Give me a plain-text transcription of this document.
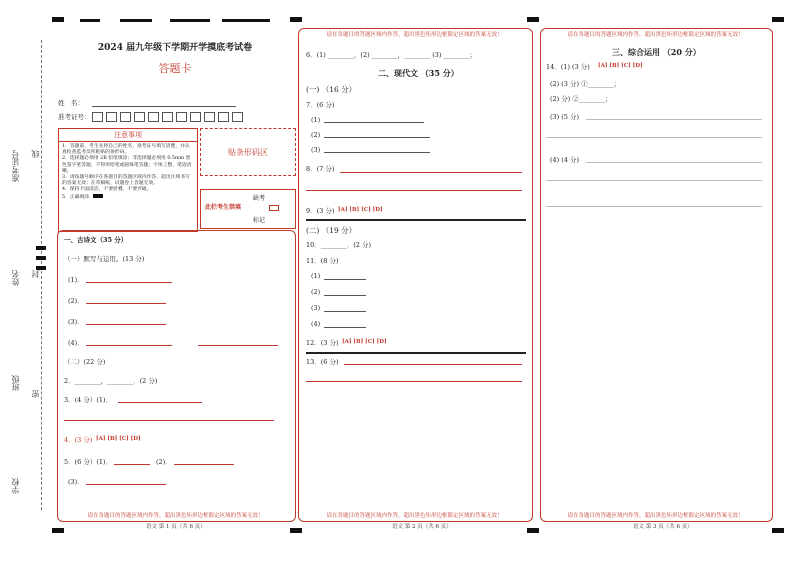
准考证号 线
姓名 封
班级
密
学校
2024 届九年级下学期开学摸底考试卷
答题卡
姓　名：
准考证号：
注意事项
1．答题前，考生先将自己的姓名，准考证号填写清楚，并认真检查监考员所粘贴的条形码。
2．选择题必须用 2B 铅笔填涂；非选择题必须用 0.5mm 黑色签字笔答题，不得用铅笔或圆珠笔答题；字体工整、笔迹清晰。
3．请按题号顺序在各题目的答题区域内作答，超出区域书写的答案无效；在草稿纸、试题卷上答题无效。
4．保持卡面清洁，不要折叠、不要弄破。
5．正确填涂
贴条形码区
此栏考生禁填
缺考
标记
一、古诗文（35 分）
（一）默写与运用。(13 分)
(1)．
(2)．
(3)．
(4)．
（二）(22 分)
2．________，________．(2 分)
3．(4 分）(1)．
4．(3 分) [A] [B] [C] [D]
5．(6 分）(1)．	(2)．
(3)．
请在各题目的答题区域内作答，超出黑色矩形边框限定区域的答案无效！
语文 第 1 页（共 6 页）
请在各题目的答题区域内作答，超出黑色矩形边框限定区域的答案无效！
6．(1) ________，(2) ________，________ (3) ________；
二、现代文 （35 分）
(一) （16 分）
7．(6 分)
(1)
(2)
(3)
8．(7 分)
9．(3 分) [A] [B] [C] [D]
(二) （19 分）
10．________．(2 分)
11．(8 分)
(1)
(2)
(3)
(4)
12．(3 分) [A] [B] [C] [D]
13．(6 分)
请在各题目的答题区域内作答，超出黑色矩形边框限定区域的答案无效！
语文 第 2 页（共 6 页）
请在各题目的答题区域内作答，超出黑色矩形边框限定区域的答案无效！
三、综合运用 （20 分）
14．(1) (3 分) [A] [B] [C] [D]
(2) (3 分) ①________；
(2) 分) ②________；
(3) (5 分)
(4) (4 分)
请在各题目的答题区域内作答，超出黑色矩形边框限定区域的答案无效！
语文 第 3 页（共 6 页）
